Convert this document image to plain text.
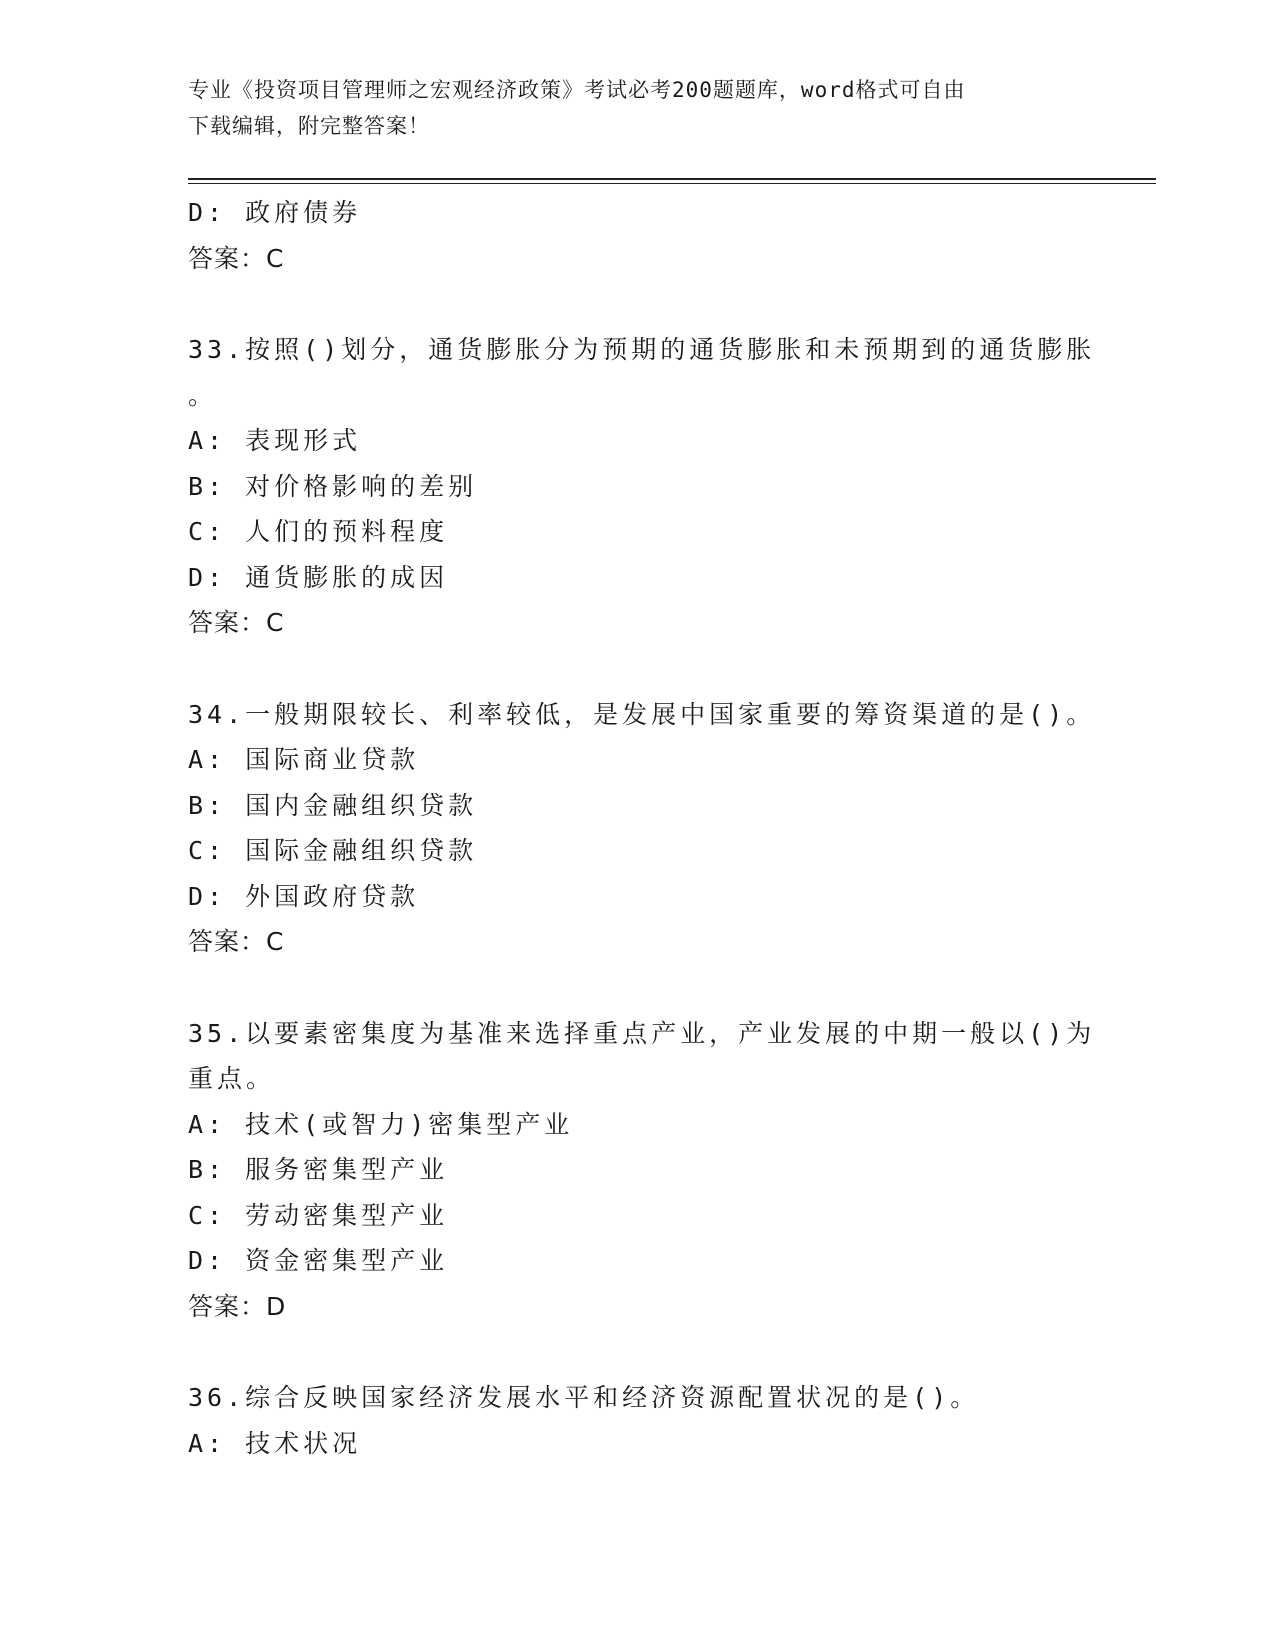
专业《投资项目管理师之宏观经济政策》考试必考200题题库，word格式可自由
下载编辑，附完整答案！
D: 政府债券
答案：C
33.按照()划分，通货膨胀分为预期的通货膨胀和未预期到的通货膨胀
。
A: 表现形式
B: 对价格影响的差别
C: 人们的预料程度
D: 通货膨胀的成因
答案：C
34.一般期限较长、利率较低，是发展中国家重要的筹资渠道的是()。
A: 国际商业贷款
B: 国内金融组织贷款
C: 国际金融组织贷款
D: 外国政府贷款
答案：C
35.以要素密集度为基准来选择重点产业，产业发展的中期一般以()为
重点。
A: 技术(或智力)密集型产业
B: 服务密集型产业
C: 劳动密集型产业
D: 资金密集型产业
答案：D
36.综合反映国家经济发展水平和经济资源配置状况的是()。
A: 技术状况
